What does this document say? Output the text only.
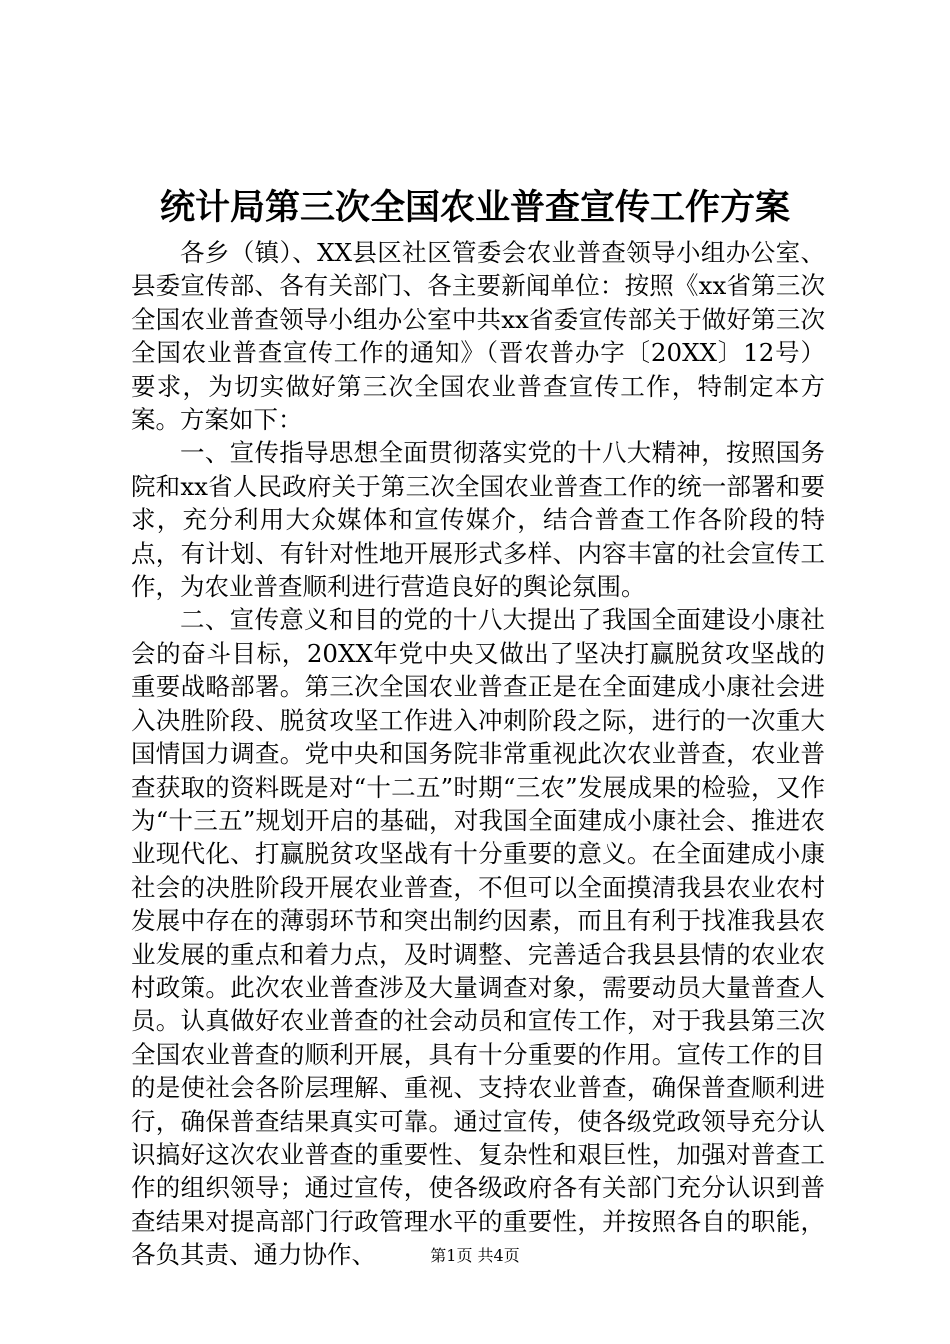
统计局第三次全国农业普查宣传工作方案

各乡（镇）、XX县区社区管委会农业普查领导小组办公室、县委宣传部、各有关部门、各主要新闻单位：按照《xx省第三次全国农业普查领导小组办公室中共xx省委宣传部关于做好第三次全国农业普查宣传工作的通知》（晋农普办字〔20XX〕12号）要求，为切实做好第三次全国农业普查宣传工作，特制定本方案。方案如下：

一、宣传指导思想全面贯彻落实党的十八大精神，按照国务院和xx省人民政府关于第三次全国农业普查工作的统一部署和要求，充分利用大众媒体和宣传媒介，结合普查工作各阶段的特点，有计划、有针对性地开展形式多样、内容丰富的社会宣传工作，为农业普查顺利进行营造良好的舆论氛围。

二、宣传意义和目的党的十八大提出了我国全面建设小康社会的奋斗目标，20XX年党中央又做出了坚决打赢脱贫攻坚战的重要战略部署。第三次全国农业普查正是在全面建成小康社会进入决胜阶段、脱贫攻坚工作进入冲刺阶段之际，进行的一次重大国情国力调查。党中央和国务院非常重视此次农业普查，农业普查获取的资料既是对“十二五”时期“三农”发展成果的检验，又作为“十三五”规划开启的基础，对我国全面建成小康社会、推进农业现代化、打赢脱贫攻坚战有十分重要的意义。在全面建成小康社会的决胜阶段开展农业普查，不但可以全面摸清我县农业农村发展中存在的薄弱环节和突出制约因素，而且有利于找准我县农业发展的重点和着力点，及时调整、完善适合我县县情的农业农村政策。此次农业普查涉及大量调查对象，需要动员大量普查人员。认真做好农业普查的社会动员和宣传工作，对于我县第三次全国农业普查的顺利开展，具有十分重要的作用。宣传工作的目的是使社会各阶层理解、重视、支持农业普查，确保普查顺利进行，确保普查结果真实可靠。通过宣传，使各级党政领导充分认识搞好这次农业普查的重要性、复杂性和艰巨性，加强对普查工作的组织领导；通过宣传，使各级政府各有关部门充分认识到普查结果对提高部门行政管理水平的重要性，并按照各自的职能，各负其责、通力协作、	第1页 共4页
